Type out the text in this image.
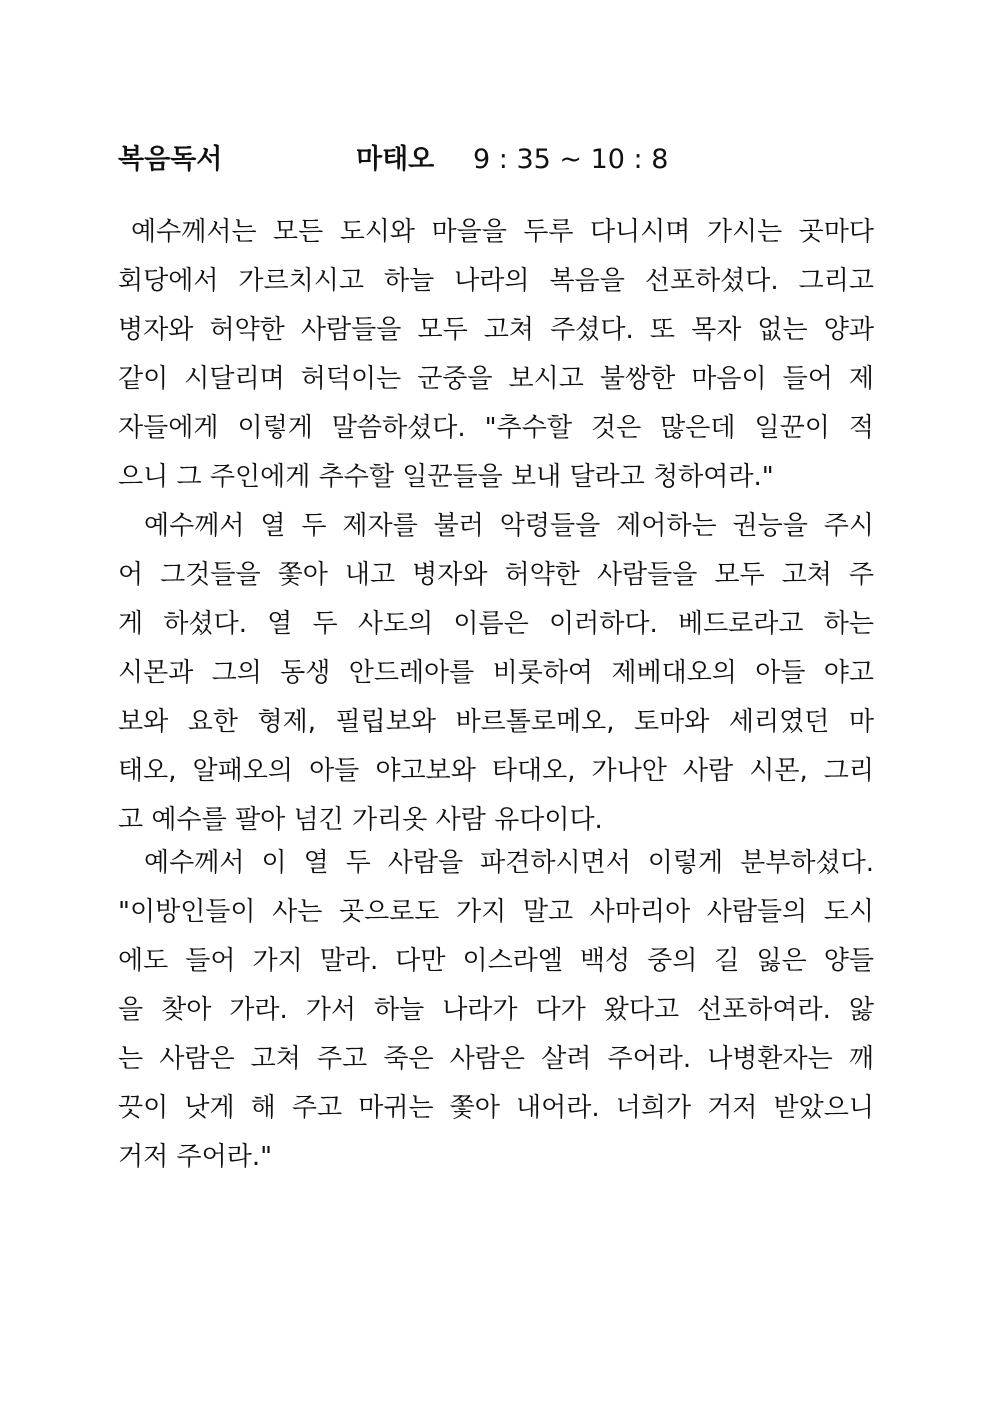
복음독서	마태오 9 : 35 ~ 10 : 8
예수께서는 모든 도시와 마을을 두루 다니시며 가시는 곳마다
회당에서 가르치시고 하늘 나라의 복음을 선포하셨다. 그리고
병자와 허약한 사람들을 모두 고쳐 주셨다. 또 목자 없는 양과
같이 시달리며 허덕이는 군중을 보시고 불쌍한 마음이 들어 제
자들에게 이렇게 말씀하셨다. "추수할 것은 많은데 일꾼이 적
으니 그 주인에게 추수할 일꾼들을 보내 달라고 청하여라."
예수께서 열 두 제자를 불러 악령들을 제어하는 권능을 주시
어 그것들을 쫓아 내고 병자와 허약한 사람들을 모두 고쳐 주
게 하셨다. 열 두 사도의 이름은 이러하다. 베드로라고 하는
시몬과 그의 동생 안드레아를 비롯하여 제베대오의 아들 야고
보와 요한 형제, 필립보와 바르톨로메오, 토마와 세리였던 마
태오, 알패오의 아들 야고보와 타대오, 가나안 사람 시몬, 그리
고 예수를 팔아 넘긴 가리옷 사람 유다이다.
예수께서 이 열 두 사람을 파견하시면서 이렇게 분부하셨다.
"이방인들이 사는 곳으로도 가지 말고 사마리아 사람들의 도시
에도 들어 가지 말라. 다만 이스라엘 백성 중의 길 잃은 양들
을 찾아 가라. 가서 하늘 나라가 다가 왔다고 선포하여라. 앓
는 사람은 고쳐 주고 죽은 사람은 살려 주어라. 나병환자는 깨
끗이 낫게 해 주고 마귀는 쫓아 내어라. 너희가 거저 받았으니
거저 주어라."
